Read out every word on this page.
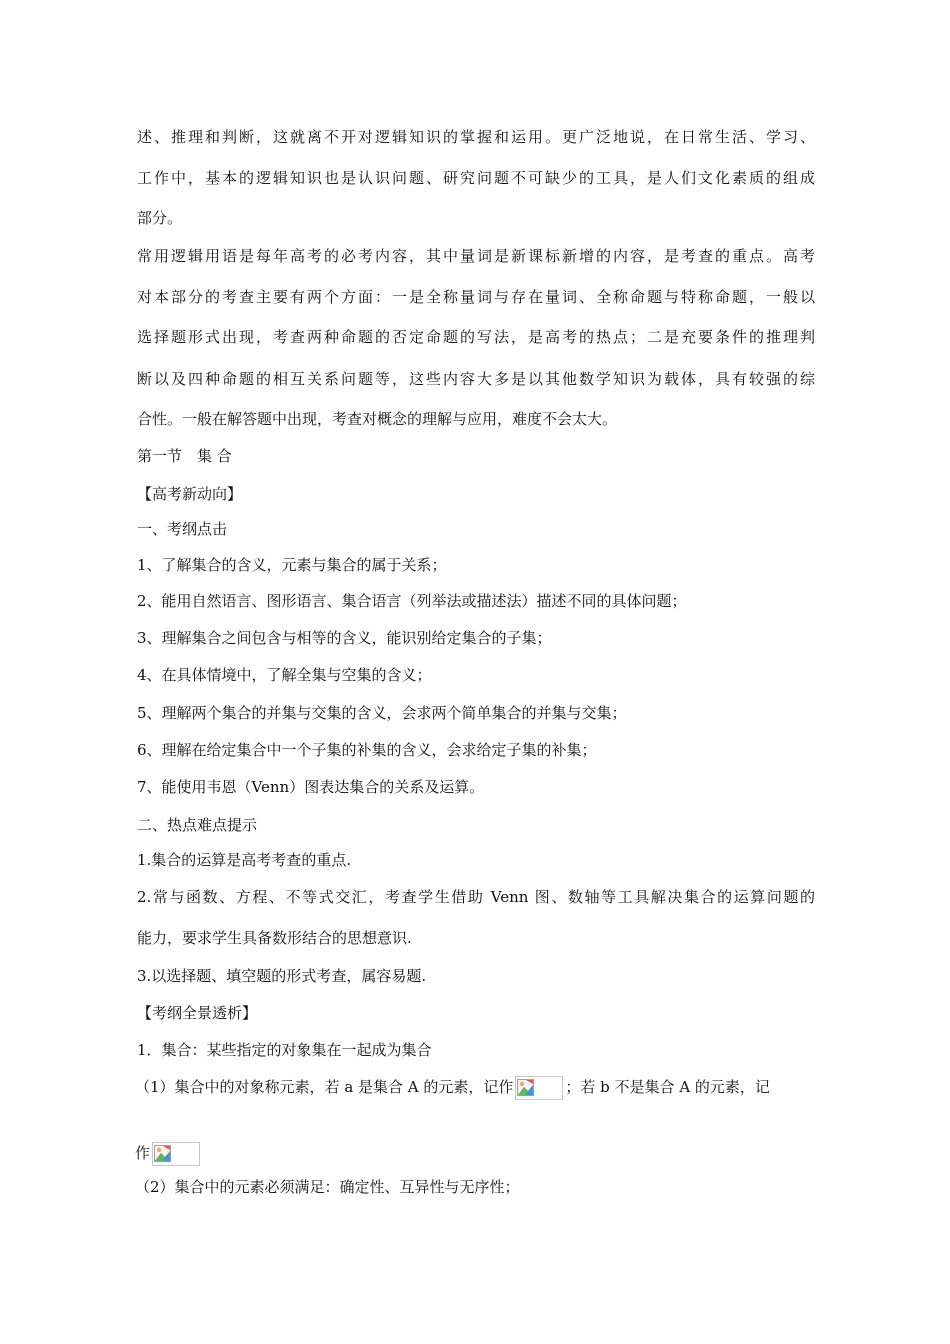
述、推理和判断，这就离不开对逻辑知识的掌握和运用。更广泛地说，在日常生活、学习、
工作中，基本的逻辑知识也是认识问题、研究问题不可缺少的工具，是人们文化素质的组成
部分。
常用逻辑用语是每年高考的必考内容，其中量词是新课标新增的内容，是考查的重点。高考
对本部分的考查主要有两个方面：一是全称量词与存在量词、全称命题与特称命题，一般以
选择题形式出现，考查两种命题的否定命题的写法，是高考的热点；二是充要条件的推理判
断以及四种命题的相互关系问题等，这些内容大多是以其他数学知识为载体，具有较强的综
合性。一般在解答题中出现，考查对概念的理解与应用，难度不会太大。
第一节　集 合
【高考新动向】
一、考纲点击
1、了解集合的含义，元素与集合的属于关系；
2、能用自然语言、图形语言、集合语言（列举法或描述法）描述不同的具体问题；
3、理解集合之间包含与相等的含义，能识别给定集合的子集；
4、在具体情境中，了解全集与空集的含义；
5、理解两个集合的并集与交集的含义，会求两个简单集合的并集与交集；
6、理解在给定集合中一个子集的补集的含义，会求给定子集的补集；
7、能使用韦恩（Venn）图表达集合的关系及运算。
二、热点难点提示
1.集合的运算是高考考查的重点.
2.常与函数、方程、不等式交汇，考查学生借助 Venn 图、数轴等工具解决集合的运算问题的
能力，要求学生具备数形结合的思想意识.
3.以选择题、填空题的形式考查，属容易题.
【考纲全景透析】
1．集合：某些指定的对象集在一起成为集合
（1）集合中的对象称元素，若 a 是集合 A 的元素，记作	；若 b 不是集合 A 的元素，记
作
（2）集合中的元素必须满足：确定性、互异性与无序性；
